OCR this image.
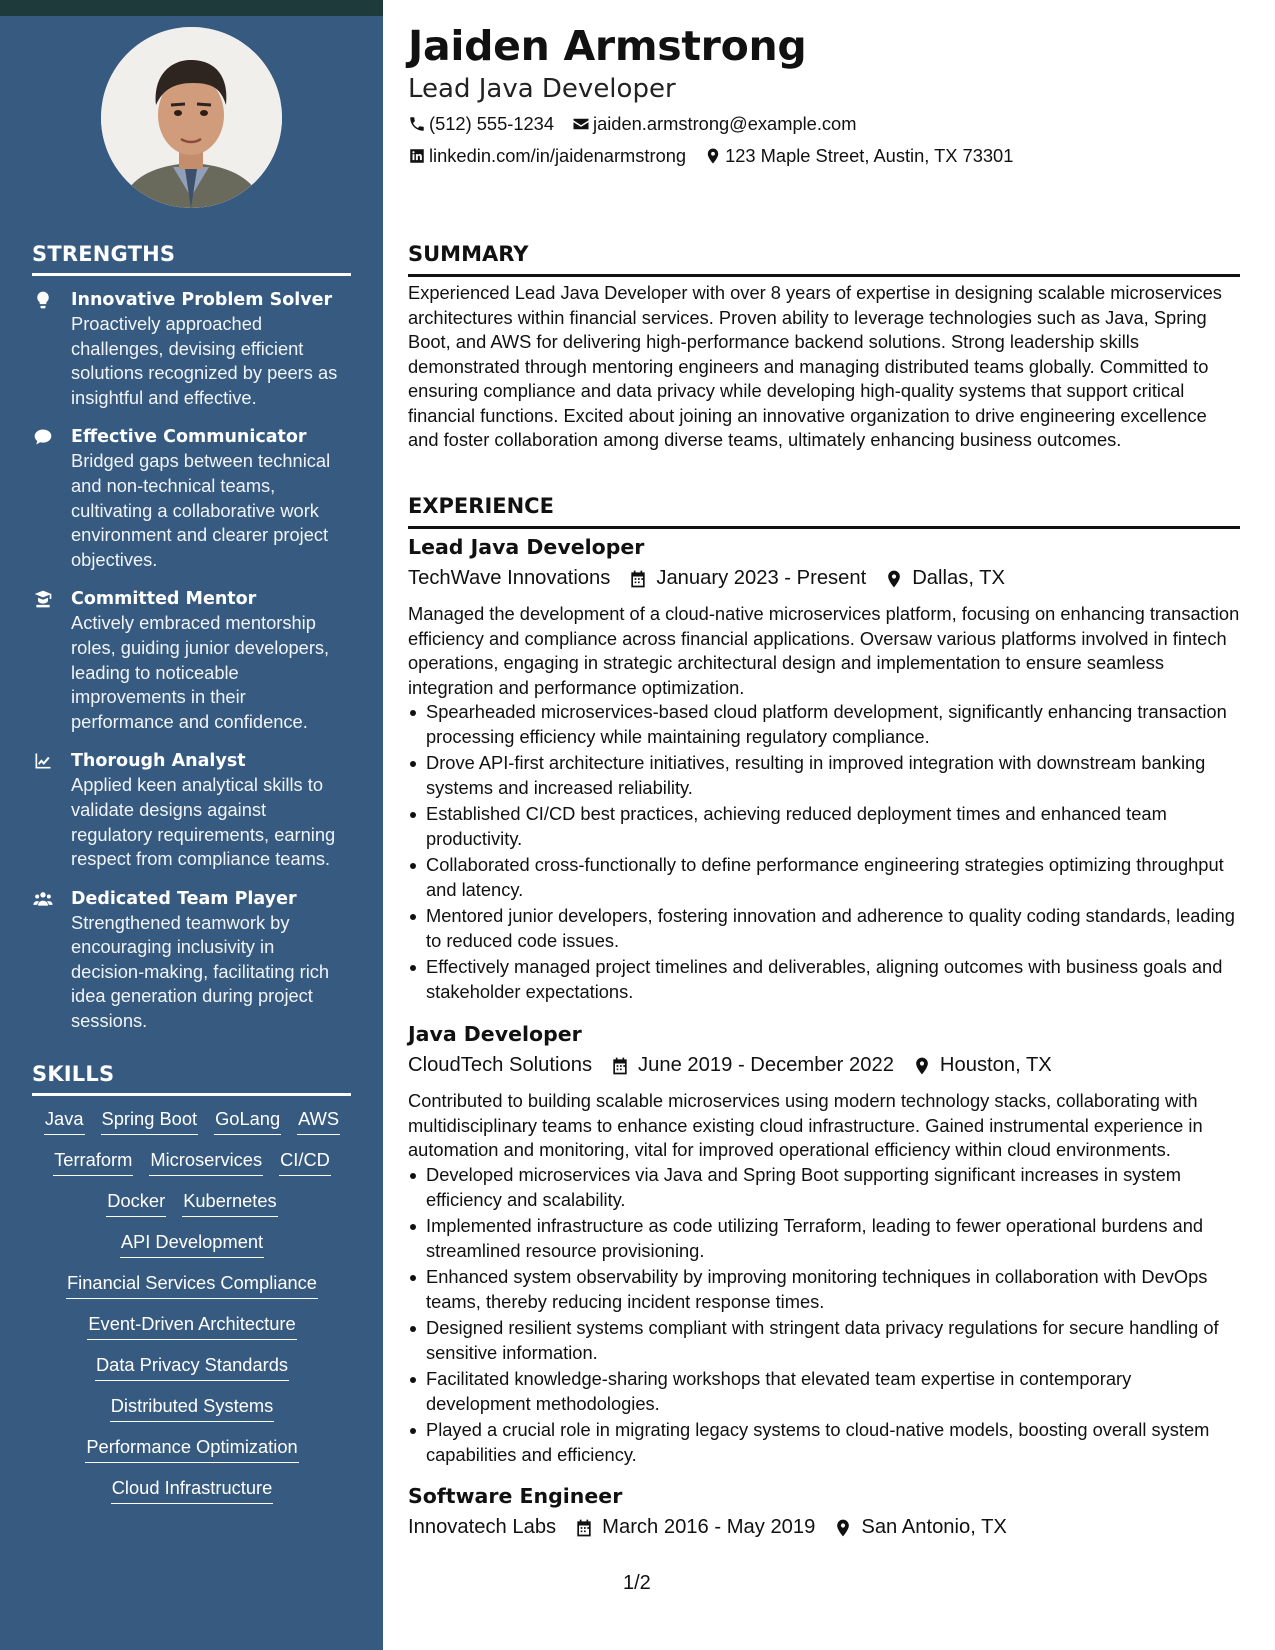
STRENGTHS
Innovative Problem Solver
Proactively approached challenges, devising efficient solutions recognized by peers as insightful and effective.
Effective Communicator
Bridged gaps between technical and non-technical teams, cultivating a collaborative work environment and clearer project objectives.
Committed Mentor
Actively embraced mentorship roles, guiding junior developers, leading to noticeable improvements in their performance and confidence.
Thorough Analyst
Applied keen analytical skills to validate designs against regulatory requirements, earning respect from compliance teams.
Dedicated Team Player
Strengthened teamwork by encouraging inclusivity in decision-making, facilitating rich idea generation during project sessions.
SKILLS
Java Spring Boot GoLang AWS
Terraform Microservices CI/CD
Docker Kubernetes
API Development
Financial Services Compliance
Event-Driven Architecture
Data Privacy Standards
Distributed Systems
Performance Optimization
Cloud Infrastructure
Jaiden Armstrong
Lead Java Developer
(512) 555-1234 jaiden.armstrong@example.com
linkedin.com/in/jaidenarmstrong 123 Maple Street, Austin, TX 73301
SUMMARY
Experienced Lead Java Developer with over 8 years of expertise in designing scalable microservices architectures within financial services. Proven ability to leverage technologies such as Java, Spring Boot, and AWS for delivering high-performance backend solutions. Strong leadership skills demonstrated through mentoring engineers and managing distributed teams globally. Committed to ensuring compliance and data privacy while developing high-quality systems that support critical financial functions. Excited about joining an innovative organization to drive engineering excellence and foster collaboration among diverse teams, ultimately enhancing business outcomes.
EXPERIENCE
Lead Java Developer
TechWave Innovations January 2023 - Present Dallas, TX
Managed the development of a cloud-native microservices platform, focusing on enhancing transaction efficiency and compliance across financial applications. Oversaw various platforms involved in fintech operations, engaging in strategic architectural design and implementation to ensure seamless integration and performance optimization.
Spearheaded microservices-based cloud platform development, significantly enhancing transaction processing efficiency while maintaining regulatory compliance.
Drove API-first architecture initiatives, resulting in improved integration with downstream banking systems and increased reliability.
Established CI/CD best practices, achieving reduced deployment times and enhanced team productivity.
Collaborated cross-functionally to define performance engineering strategies optimizing throughput and latency.
Mentored junior developers, fostering innovation and adherence to quality coding standards, leading to reduced code issues.
Effectively managed project timelines and deliverables, aligning outcomes with business goals and stakeholder expectations.
Java Developer
CloudTech Solutions June 2019 - December 2022 Houston, TX
Contributed to building scalable microservices using modern technology stacks, collaborating with multidisciplinary teams to enhance existing cloud infrastructure. Gained instrumental experience in automation and monitoring, vital for improved operational efficiency within cloud environments.
Developed microservices via Java and Spring Boot supporting significant increases in system efficiency and scalability.
Implemented infrastructure as code utilizing Terraform, leading to fewer operational burdens and streamlined resource provisioning.
Enhanced system observability by improving monitoring techniques in collaboration with DevOps teams, thereby reducing incident response times.
Designed resilient systems compliant with stringent data privacy regulations for secure handling of sensitive information.
Facilitated knowledge-sharing workshops that elevated team expertise in contemporary development methodologies.
Played a crucial role in migrating legacy systems to cloud-native models, boosting overall system capabilities and efficiency.
Software Engineer
Innovatech Labs March 2016 - May 2019 San Antonio, TX
1/2
